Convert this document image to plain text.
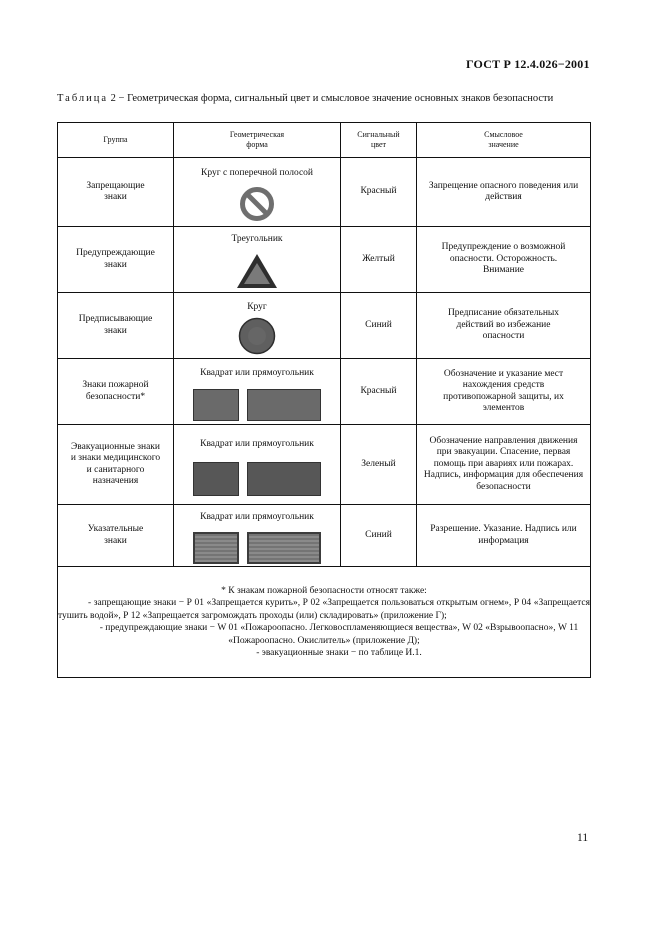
ГОСТ Р 12.4.026−2001
Таблица 2 − Геометрическая форма, сигнальный цвет и смысловое значение основных знаков безопасности
Группа	Геометрическая форма	Сигнальный цвет	Смысловое значение

Запрещающие знаки	Круг с поперечной полосой	Красный	Запрещение опасного поведения или действия

Предупреждающие знаки	Треугольник	Желтый	Предупреждение о возможной опасности. Осторожность. Внимание

Предписывающие знаки	Круг	Синий	Предписание обязательных действий во избежание опасности

Знаки пожарной безопасности*	Квадрат или прямоугольник	Красный	Обозначение и указание мест нахождения средств противопожарной защиты, их элементов

Эвакуационные знаки и знаки медицинского и санитарного назначения	Квадрат или прямоугольник	Зеленый	Обозначение направления движения при эвакуации. Спасение, первая помощь при авариях или пожарах. Надпись, информация для обеспечения безопасности

Указательные знаки	Квадрат или прямоугольник	Синий	Разрешение. Указание. Надпись или информация

* К знакам пожарной безопасности относят также:
- запрещающие знаки − Р 01 «Запрещается курить», Р 02 «Запрещается пользоваться открытым огнем», Р 04 «Запрещается тушить водой», Р 12 «Запрещается загромождать проходы (или) складировать» (приложение Г);
- предупреждающие знаки − W 01 «Пожароопасно. Легковоспламеняющиеся вещества», W 02 «Взрывоопасно», W 11 «Пожароопасно. Окислитель» (приложение Д);
- эвакуационные знаки − по таблице И.1.			
11
